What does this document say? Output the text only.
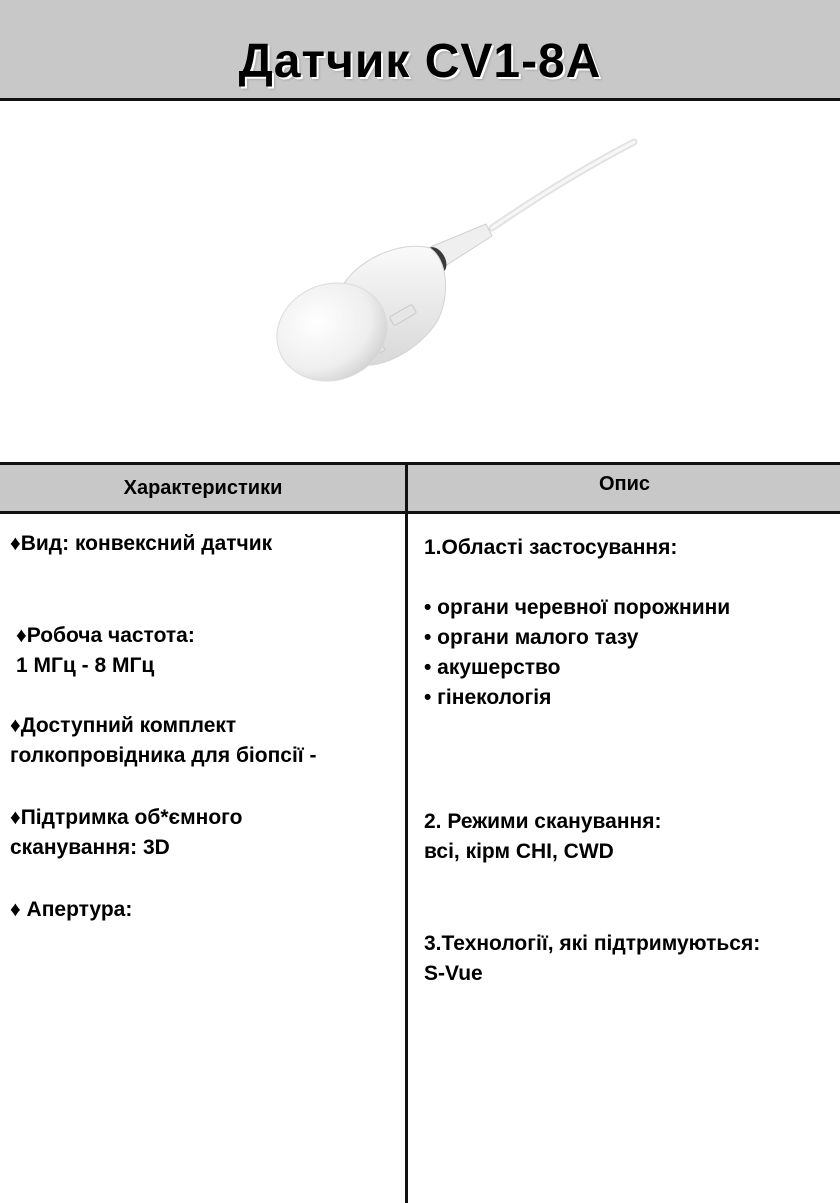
Датчик CV1-8A
Характеристики	Опис
♦Вид: конвексний датчик
♦Робоча частота:
1 МГц - 8 МГц
♦Доступний комплект
голкопровідника для біопсії -
♦Підтримка об*ємного
сканування: 3D
♦ Апертура:
1.Області застосування:
• органи черевної порожнини
• органи малого тазу
• акушерство
• гінекологія
2. Режими сканування:
всі, кірм CHI, CWD
3.Технології, які підтримуються:
S-Vue
